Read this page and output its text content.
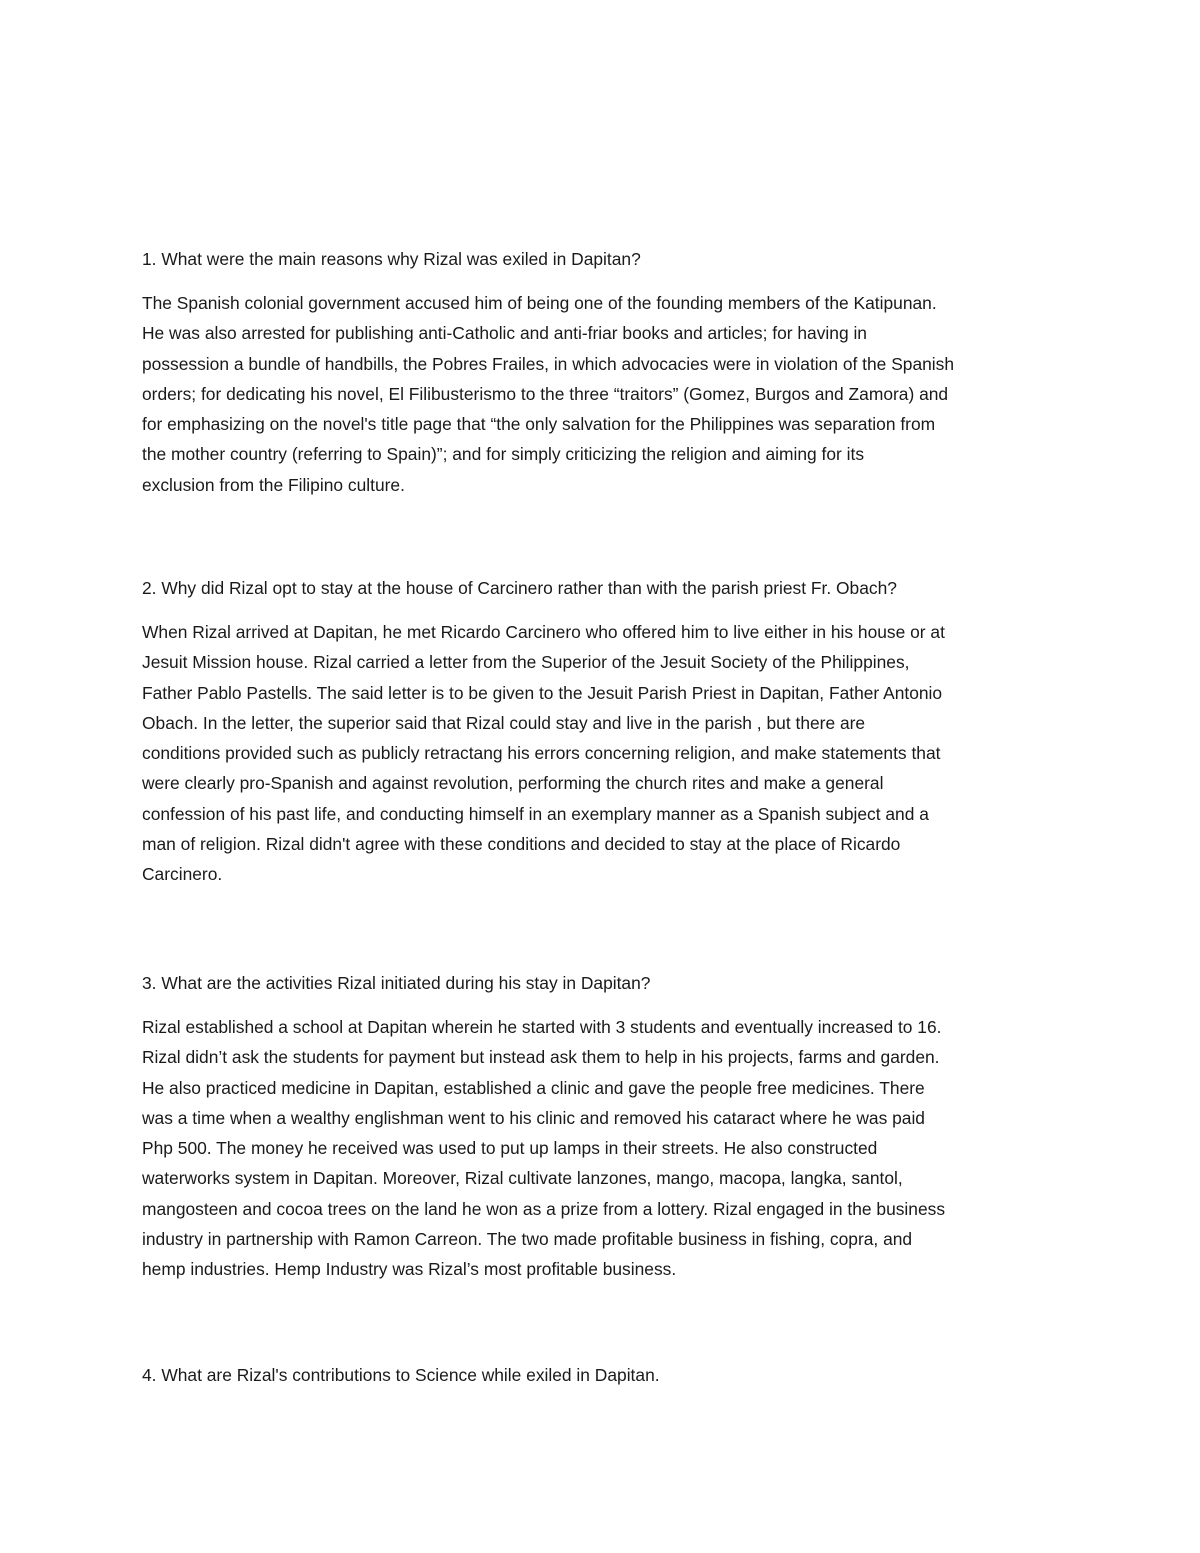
1. What were the main reasons why Rizal was exiled in Dapitan?

The Spanish colonial government accused him of being one of the founding members of the Katipunan.
He was also arrested for publishing anti-Catholic and anti-friar books and articles; for having in
possession a bundle of handbills, the Pobres Frailes, in which advocacies were in violation of the Spanish
orders; for dedicating his novel, El Filibusterismo to the three “traitors” (Gomez, Burgos and Zamora) and
for emphasizing on the novel's title page that “the only salvation for the Philippines was separation from
the mother country (referring to Spain)”; and for simply criticizing the religion and aiming for its
exclusion from the Filipino culture.

2. Why did Rizal opt to stay at the house of Carcinero rather than with the parish priest Fr. Obach?

When Rizal arrived at Dapitan, he met Ricardo Carcinero who offered him to live either in his house or at
Jesuit Mission house. Rizal carried a letter from the Superior of the Jesuit Society of the Philippines,
Father Pablo Pastells. The said letter is to be given to the Jesuit Parish Priest in Dapitan, Father Antonio
Obach. In the letter, the superior said that Rizal could stay and live in the parish , but there are
conditions provided such as publicly retractang his errors concerning religion, and make statements that
were clearly pro-Spanish and against revolution, performing the church rites and make a general
confession of his past life, and conducting himself in an exemplary manner as a Spanish subject and a
man of religion. Rizal didn't agree with these conditions and decided to stay at the place of Ricardo
Carcinero.

3. What are the activities Rizal initiated during his stay in Dapitan?

Rizal established a school at Dapitan wherein he started with 3 students and eventually increased to 16.
Rizal didn’t ask the students for payment but instead ask them to help in his projects, farms and garden.
He also practiced medicine in Dapitan, established a clinic and gave the people free medicines. There
was a time when a wealthy englishman went to his clinic and removed his cataract where he was paid
Php 500. The money he received was used to put up lamps in their streets. He also constructed
waterworks system in Dapitan. Moreover, Rizal cultivate lanzones, mango, macopa, langka, santol,
mangosteen and cocoa trees on the land he won as a prize from a lottery. Rizal engaged in the business
industry in partnership with Ramon Carreon. The two made profitable business in fishing, copra, and
hemp industries. Hemp Industry was Rizal’s most profitable business.

4. What are Rizal's contributions to Science while exiled in Dapitan.
